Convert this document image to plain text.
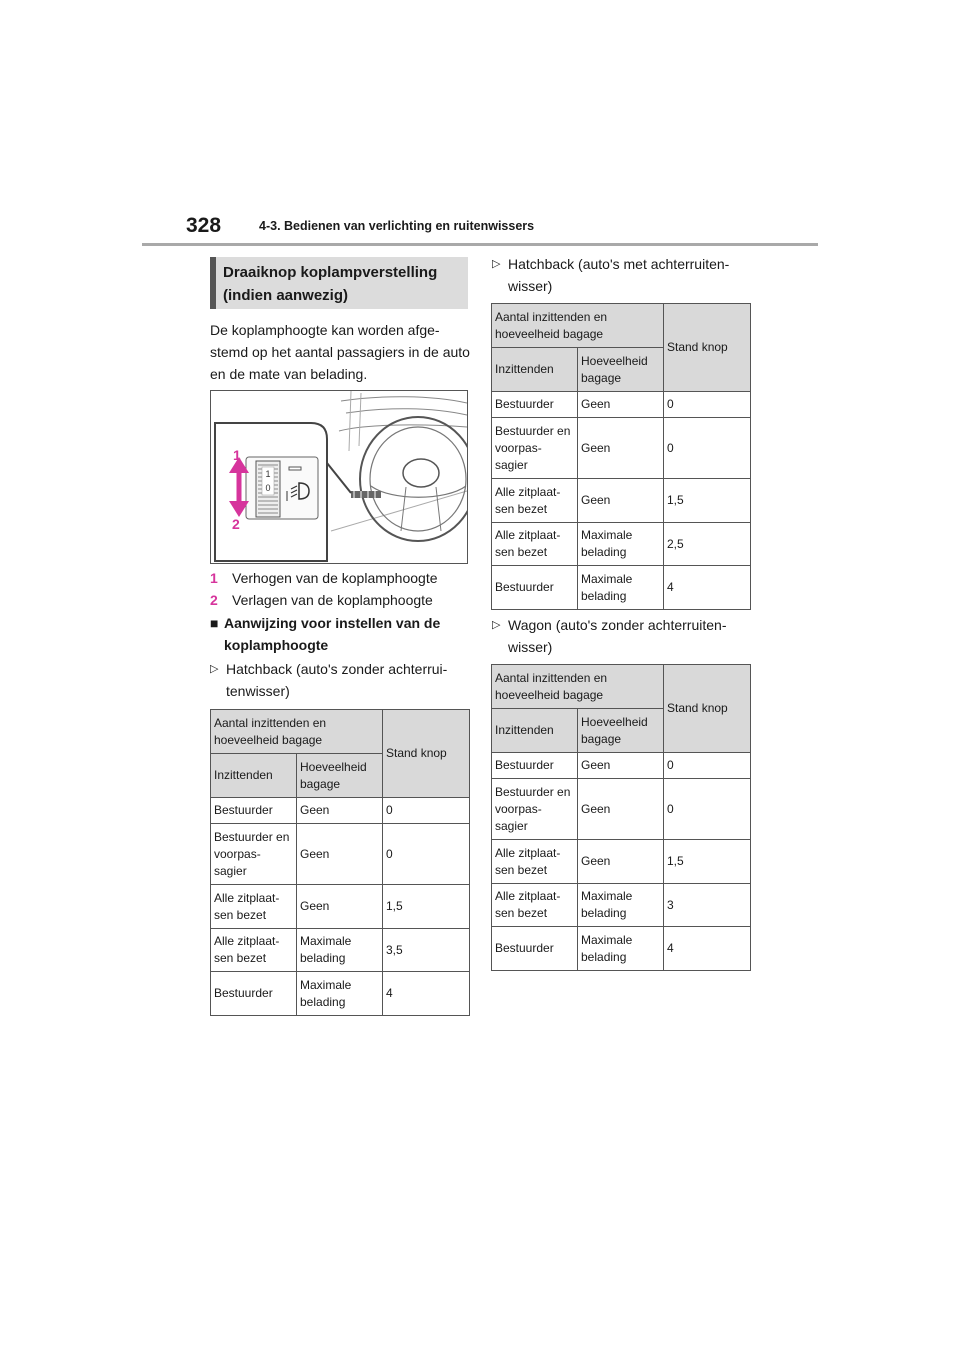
328	4-3. Bedienen van verlichting en ruitenwissers
Draaiknop koplampverstelling (indien aanwezig)
De koplamphoogte kan worden afge- stemd op het aantal passagiers in de auto en de mate van belading.
1
0
1
2
1 Verhogen van de koplamphoogte
2 Verlagen van de koplamphoogte
■ Aanwijzing voor instellen van de koplamphoogte
▷ Hatchback (auto's zonder achterrui- tenwisser)
Aantal inzittenden en hoeveelheid bagage		Stand knop
Inzittenden	Hoeveelheid bagage	
Bestuurder	Geen	0
Bestuurder en voorpas- sagier	Geen	0
Alle zitplaat- sen bezet	Geen	1,5
Alle zitplaat- sen bezet	Maximale belading	3,5
Bestuurder	Maximale belading	4
▷ Hatchback (auto's met achterruiten- wisser)
Aantal inzittenden en hoeveelheid bagage		Stand knop
Inzittenden	Hoeveelheid bagage	
Bestuurder	Geen	0
Bestuurder en voorpas- sagier	Geen	0
Alle zitplaat- sen bezet	Geen	1,5
Alle zitplaat- sen bezet	Maximale belading	2,5
Bestuurder	Maximale belading	4
▷ Wagon (auto's zonder achterruiten- wisser)
Aantal inzittenden en hoeveelheid bagage		Stand knop
Inzittenden	Hoeveelheid bagage	
Bestuurder	Geen	0
Bestuurder en voorpas- sagier	Geen	0
Alle zitplaat- sen bezet	Geen	1,5
Alle zitplaat- sen bezet	Maximale belading	3
Bestuurder	Maximale belading	4
